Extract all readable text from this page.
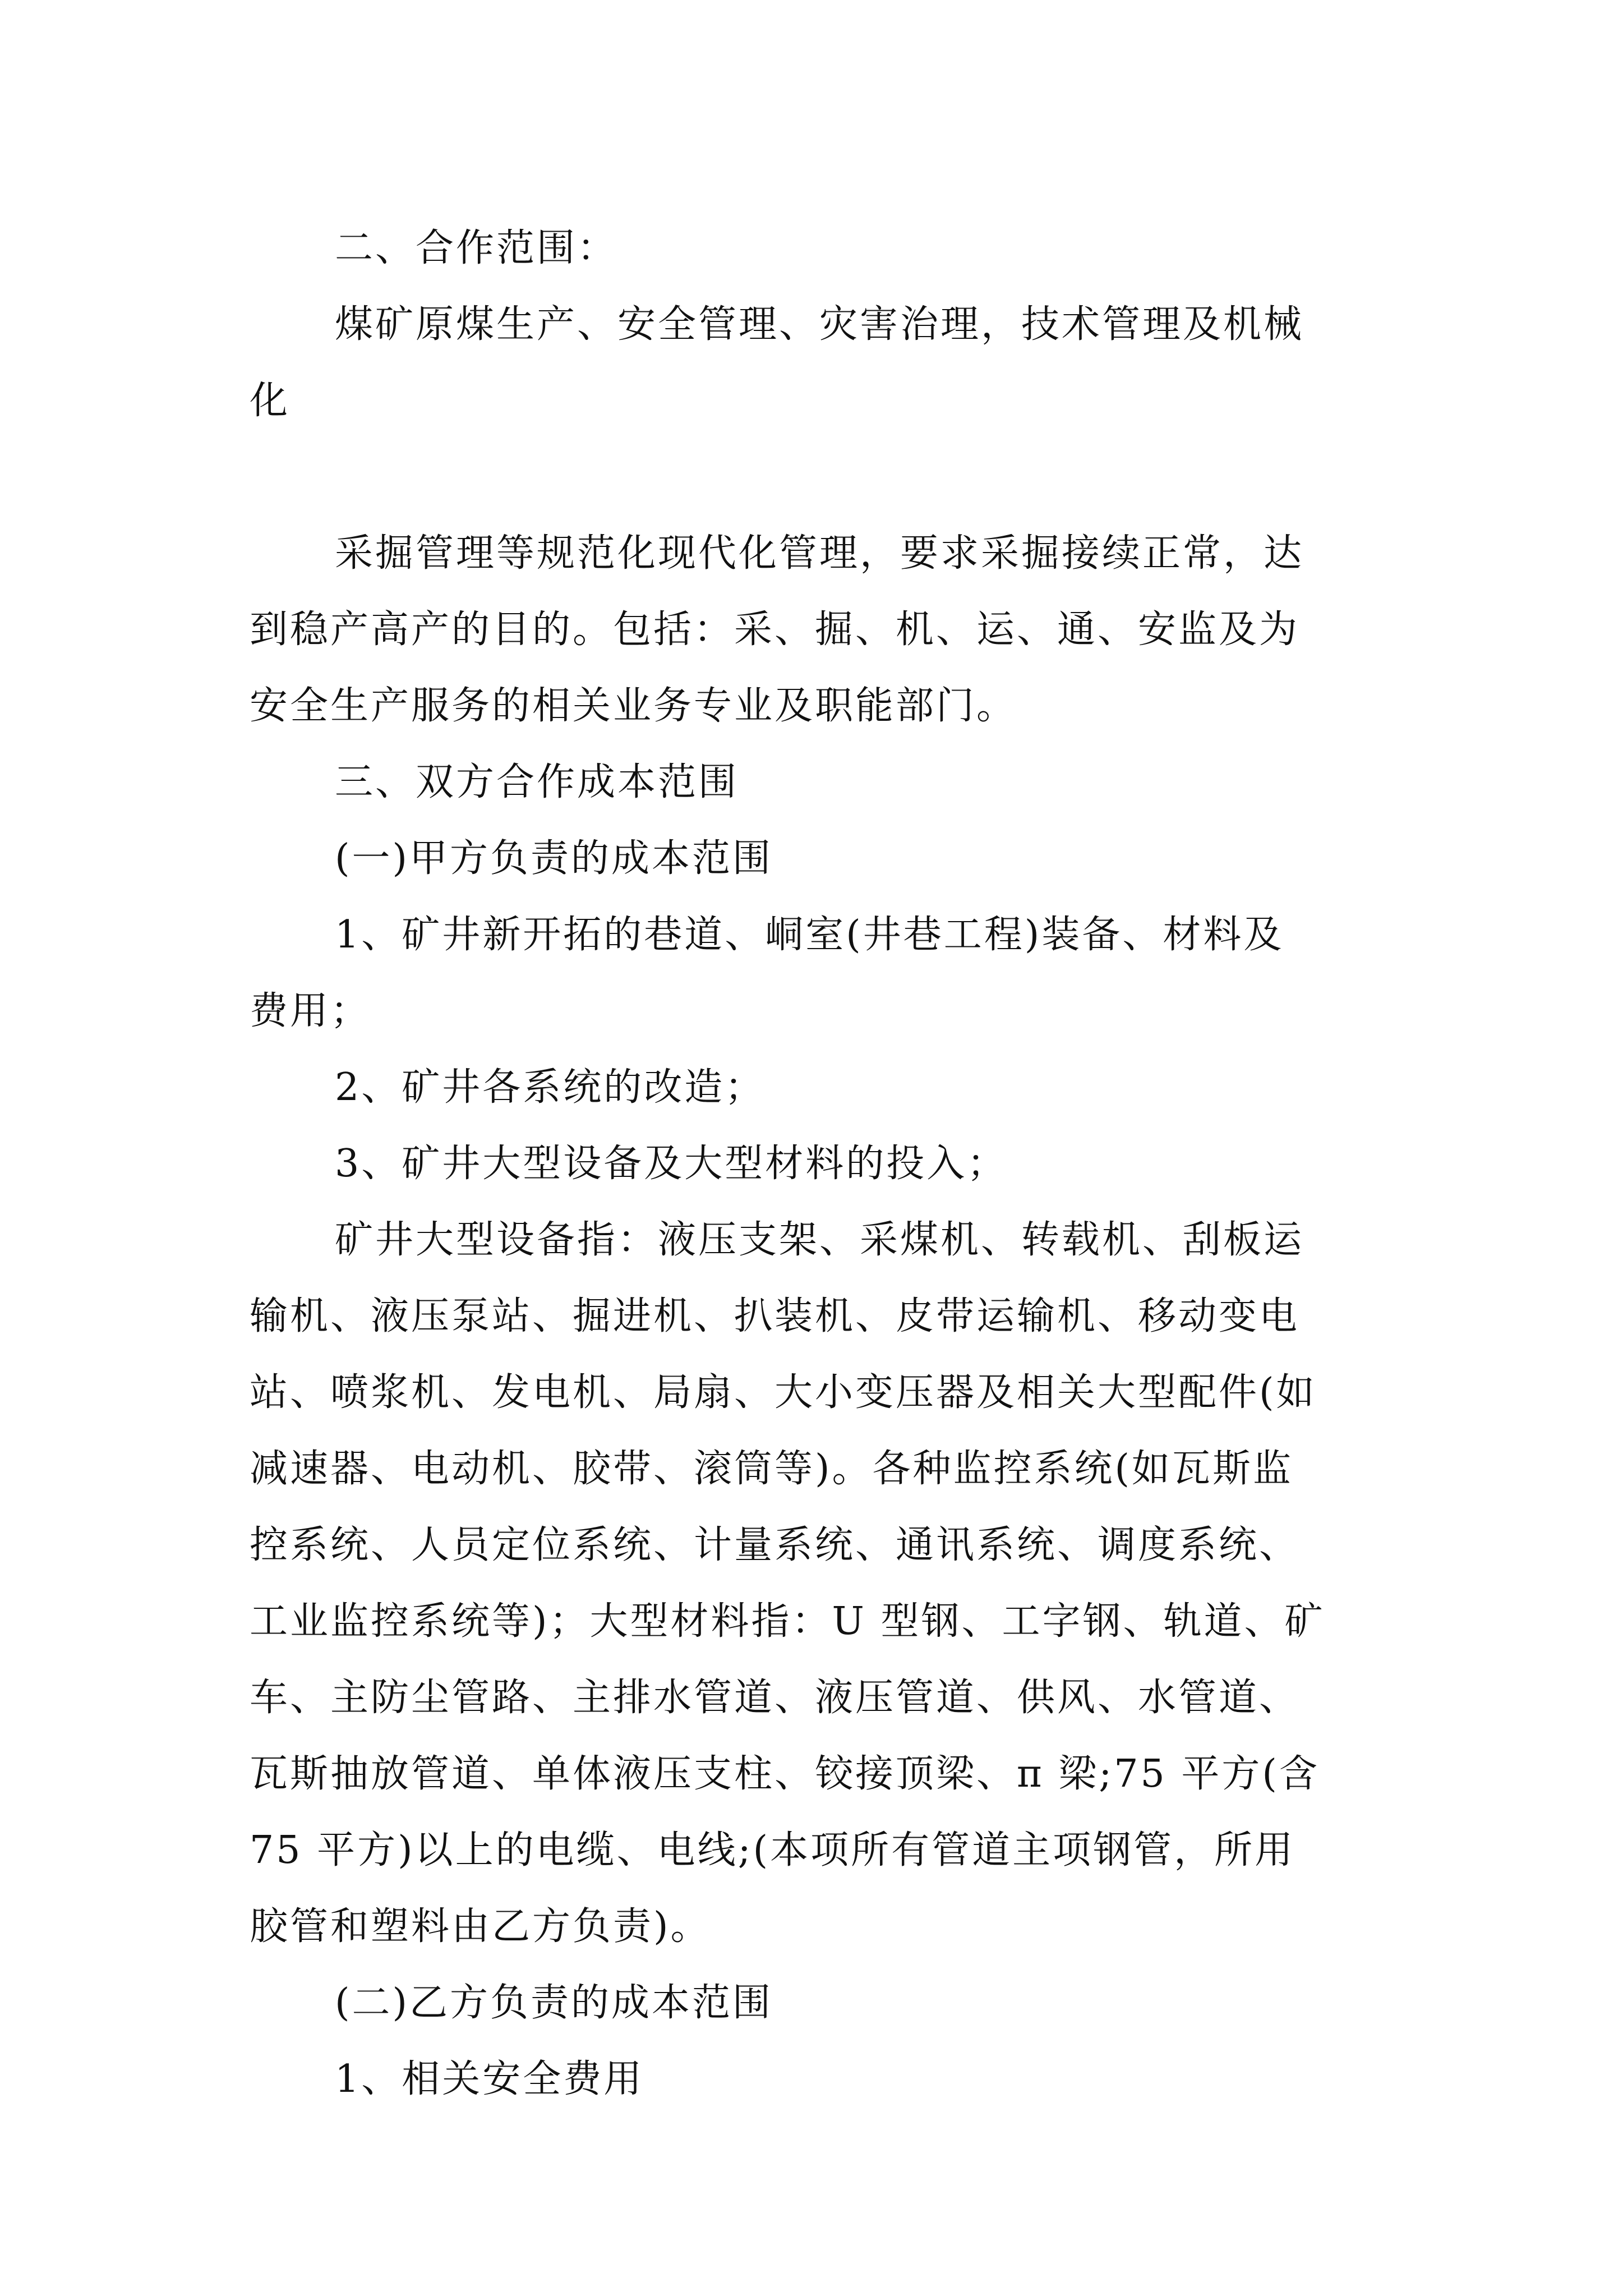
二、合作范围：
煤矿原煤生产、安全管理、灾害治理，技术管理及机械
化
采掘管理等规范化现代化管理，要求采掘接续正常，达
到稳产高产的目的。包括：采、掘、机、运、通、安监及为
安全生产服务的相关业务专业及职能部门。
三、双方合作成本范围
(一)甲方负责的成本范围
1、矿井新开拓的巷道、峒室(井巷工程)装备、材料及
费用；
2、矿井各系统的改造；
3、矿井大型设备及大型材料的投入；
矿井大型设备指：液压支架、采煤机、转载机、刮板运
输机、液压泵站、掘进机、扒装机、皮带运输机、移动变电
站、喷浆机、发电机、局扇、大小变压器及相关大型配件(如
减速器、电动机、胶带、滚筒等)。各种监控系统(如瓦斯监
控系统、人员定位系统、计量系统、通讯系统、调度系统、
工业监控系统等)；大型材料指：U 型钢、工字钢、轨道、矿
车、主防尘管路、主排水管道、液压管道、供风、水管道、
瓦斯抽放管道、单体液压支柱、铰接顶梁、π 梁;75 平方(含
75 平方)以上的电缆、电线;(本项所有管道主项钢管，所用
胶管和塑料由乙方负责)。
(二)乙方负责的成本范围
1、相关安全费用
